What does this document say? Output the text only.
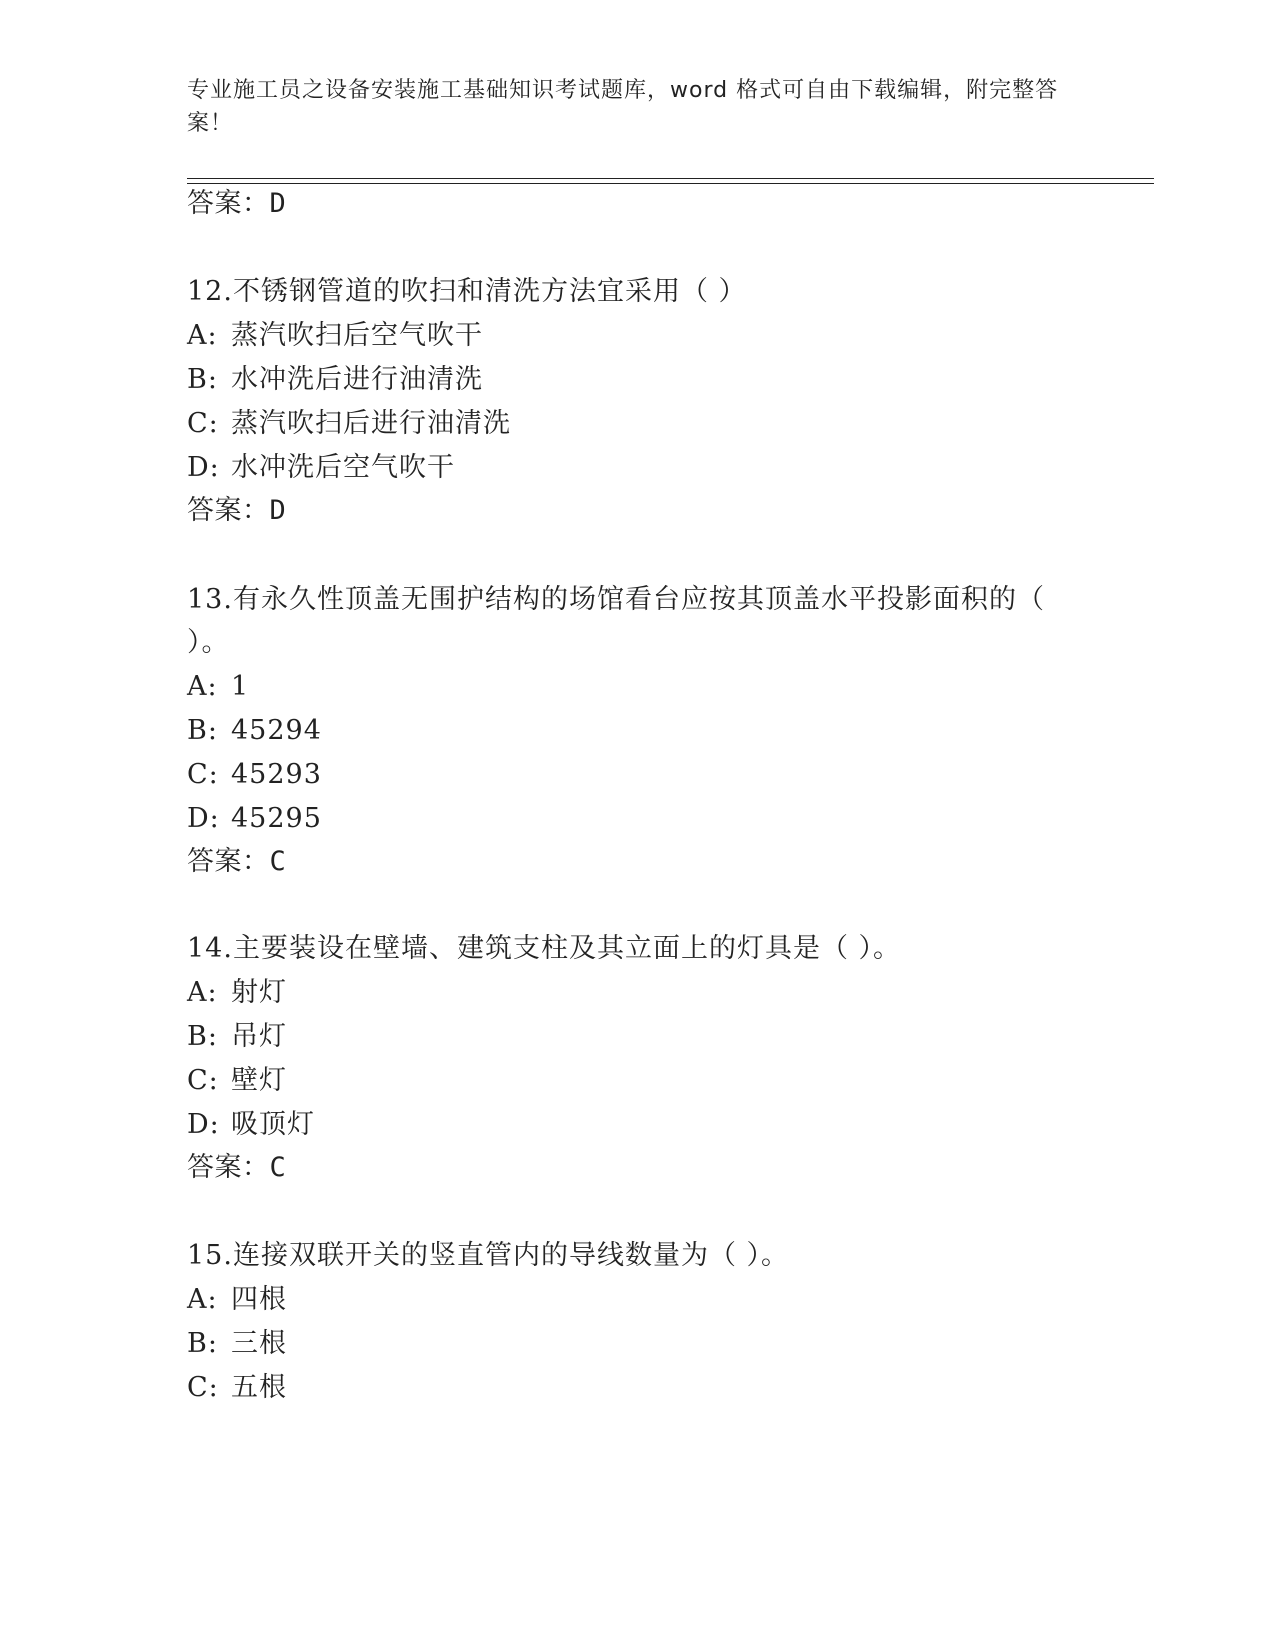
专业施工员之设备安装施工基础知识考试题库，word 格式可自由下载编辑，附完整答案！
答案：D
12.不锈钢管道的吹扫和清洗方法宜采用（ ）
A: 蒸汽吹扫后空气吹干
B: 水冲洗后进行油清洗
C: 蒸汽吹扫后进行油清洗
D: 水冲洗后空气吹干
答案：D
13.有永久性顶盖无围护结构的场馆看台应按其顶盖水平投影面积的（
）。
A: 1
B: 45294
C: 45293
D: 45295
答案：C
14.主要装设在壁墙、建筑支柱及其立面上的灯具是（ ）。
A: 射灯
B: 吊灯
C: 壁灯
D: 吸顶灯
答案：C
15.连接双联开关的竖直管内的导线数量为（ ）。
A: 四根
B: 三根
C: 五根
